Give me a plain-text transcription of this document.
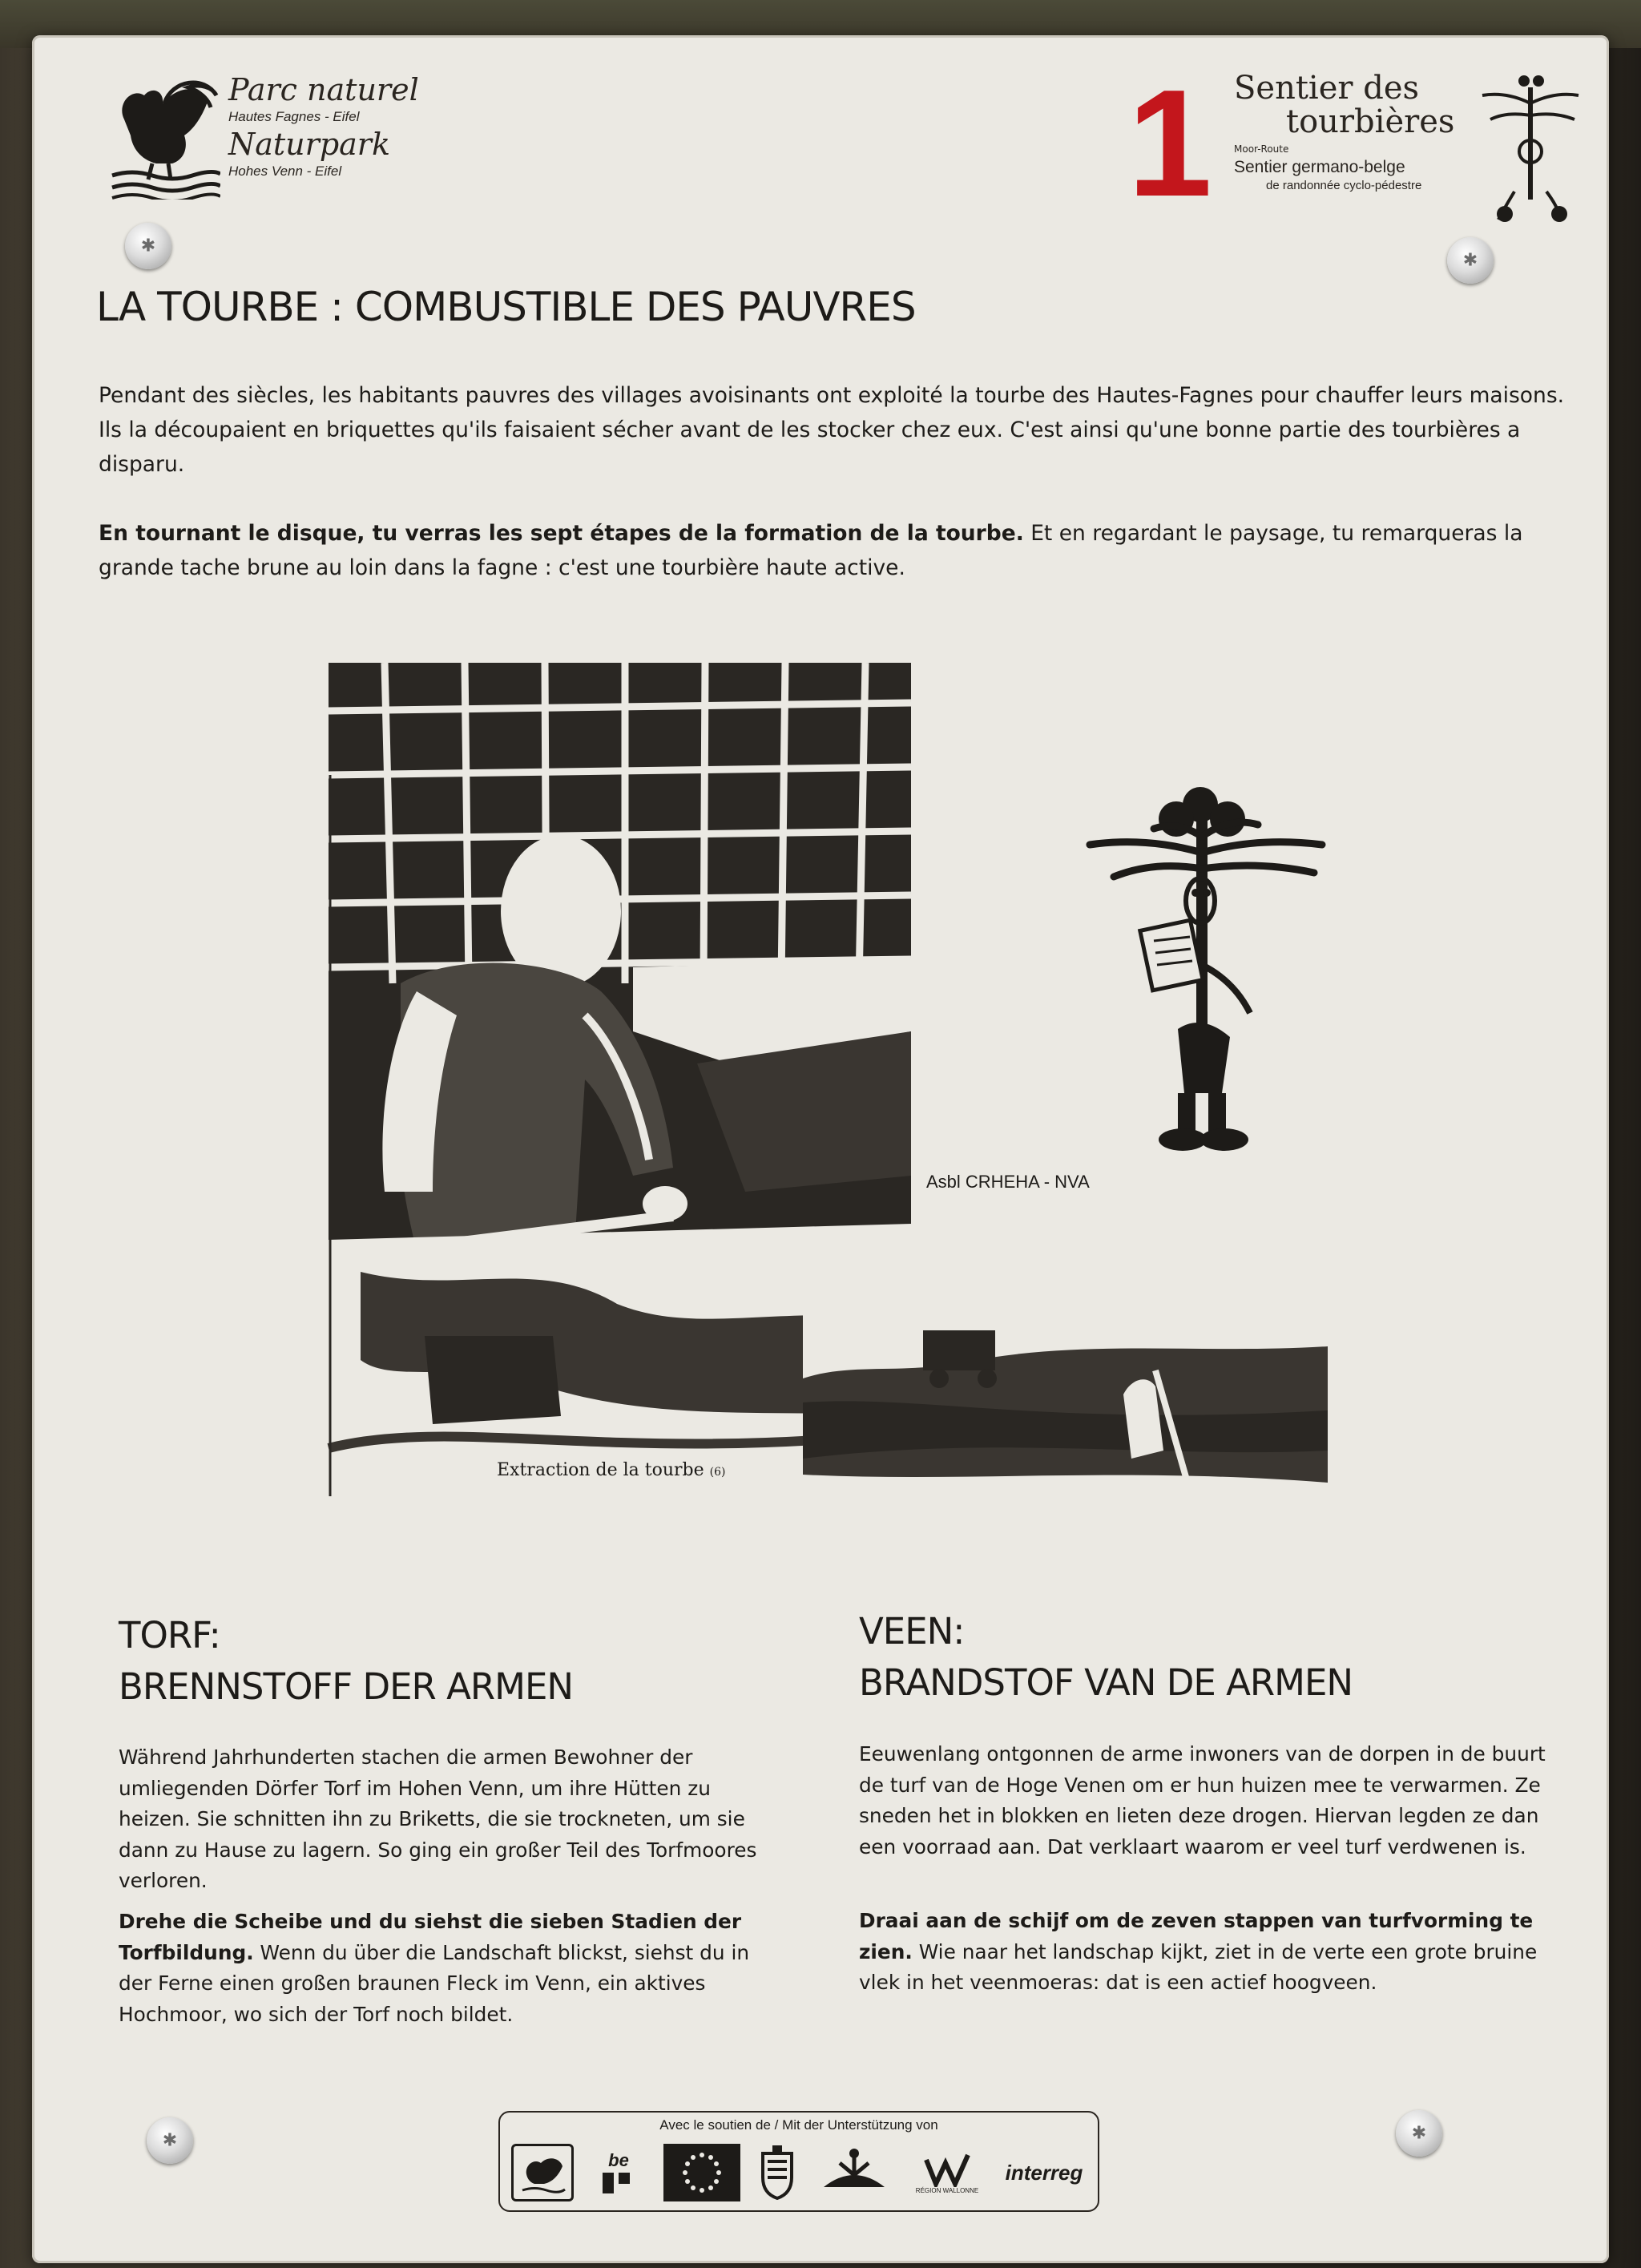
✱
✱
✱	✱
Parc naturel
Hautes Fagnes - Eifel
Naturpark
Hohes Venn - Eifel	1 Sentier des
tourbières
Moor-Route
Sentier germano-belge
de randonnée cyclo-pédestre
LA TOURBE : COMBUSTIBLE DES PAUVRES
Pendant des siècles, les habitants pauvres des villages avoisinants ont exploité la tourbe des Hautes-Fagnes pour chauffer leurs maisons. Ils la découpaient en briquettes qu'ils faisaient sécher avant de les stocker chez eux. C'est ainsi qu'une bonne partie des tourbières a disparu.
En tournant le disque, tu verras les sept étapes de la formation de la tourbe. Et en regardant le paysage, tu remarqueras la grande tache brune au loin dans la fagne : c'est une tourbière haute active.
Asbl CRHEHA - NVA
Extraction de la tourbe (6)
TORF:
BRENNSTOFF DER ARMEN
Während Jahrhunderten stachen die armen Bewohner der umliegenden Dörfer Torf im Hohen Venn, um ihre Hütten zu heizen. Sie schnitten ihn zu Briketts, die sie trockneten, um sie dann zu Hause zu lagern. So ging ein großer Teil des Torfmoores verloren.
Drehe die Scheibe und du siehst die sieben Stadien der Torfbildung. Wenn du über die Landschaft blickst, siehst du in der Ferne einen großen braunen Fleck im Venn, ein aktives Hochmoor, wo sich der Torf noch bildet.
VEEN:
BRANDSTOF VAN DE ARMEN
Eeuwenlang ontgonnen de arme inwoners van de dorpen in de buurt de turf van de Hoge Venen om er hun huizen mee te verwarmen. Ze sneden het in blokken en lieten deze drogen. Hiervan legden ze dan een voorraad aan. Dat verklaart waarom er veel turf verdwenen is.
Draai aan de schijf om de zeven stappen van turfvorming te zien. Wie naar het landschap kijkt, ziet in de verte een grote bruine vlek in het veenmoeras: dat is een actief hoogveen.
Avec le soutien de / Mit der Unterstützung von
be
RÉGION WALLONNE
interreg
